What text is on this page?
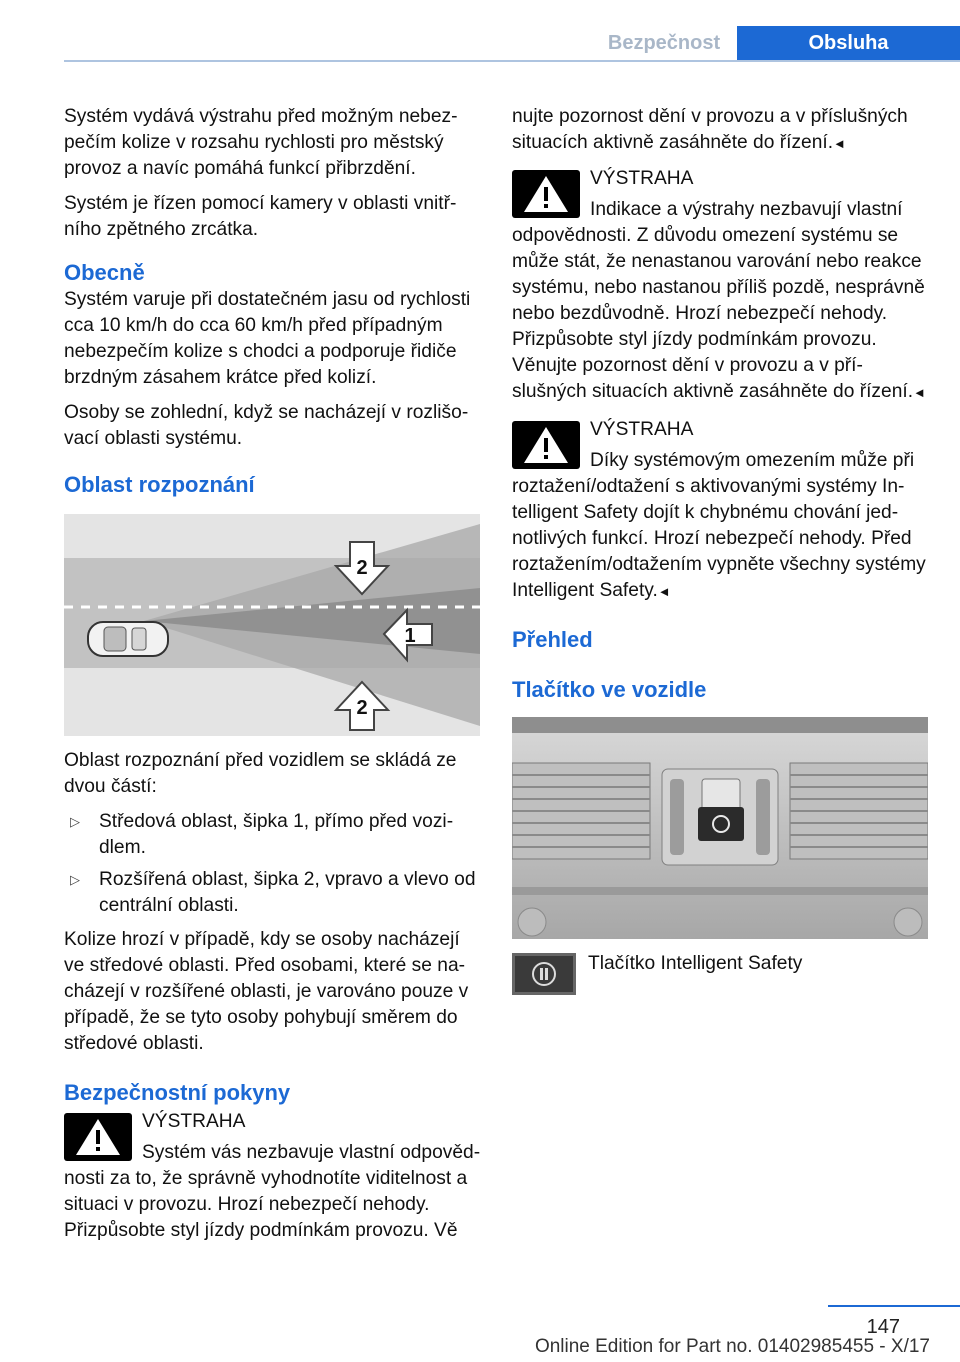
Bezpečnost	Obsluha

Systém vydává výstrahu před možným nebezpečím kolize v rozsahu rychlosti pro městský provoz a navíc pomáhá funkcí přibrzdění.

Systém je řízen pomocí kamery v oblasti vnitřního zpětného zrcátka.

Obecně

Systém varuje při dostatečném jasu od rychlosti cca 10 km/h do cca 60 km/h před případným nebezpečím kolize s chodci a podporuje řidiče brzdným zásahem krátce před kolizí.

Osoby se zohlední, když se nacházejí v rozlišovací oblasti systému.

Oblast rozpoznání
2
1
2

Oblast rozpoznání před vozidlem se skládá ze dvou částí:

▷ Středová oblast, šipka 1, přímo před vozidlem.
▷ Rozšířená oblast, šipka 2, vpravo a vlevo od centrální oblasti.

Kolize hrozí v případě, kdy se osoby nacházejí ve středové oblasti. Před osobami, které se nacházejí v rozšířené oblasti, je varováno pouze v případě, že se tyto osoby pohybují směrem do středové oblasti.

Bezpečnostní pokyny
VÝSTRAHA
Systém vás nezbavuje vlastní odpovědnosti za to, že správně vyhodnotíte viditelnost a situaci v provozu. Hrozí nebezpečí nehody. Přizpůsobte styl jízdy podmínkám provozu. Vě

nujte pozornost dění v provozu a v příslušných situacích aktivně zasáhněte do řízení.◄

VÝSTRAHA
Indikace a výstrahy nezbavují vlastní odpovědnosti. Z důvodu omezení systému se může stát, že nenastanou varování nebo reakce systému, nebo nastanou příliš pozdě, nesprávně nebo bezdůvodně. Hrozí nebezpečí nehody. Přizpůsobte styl jízdy podmínkám provozu. Věnujte pozornost dění v provozu a v příslušných situacích aktivně zasáhněte do řízení.◄
VÝSTRAHA
Díky systémovým omezením může při roztažení/odtažení s aktivovanými systémy Intelligent Safety dojít k chybnému chování jednotlivých funkcí. Hrozí nebezpečí nehody. Před roztažením/odtažením vypněte všechny systémy Intelligent Safety.◄
Přehled
Tlačítko ve vozidle
Tlačítko Intelligent Safety
147
Online Edition for Part no. 01402985455 - X/17
